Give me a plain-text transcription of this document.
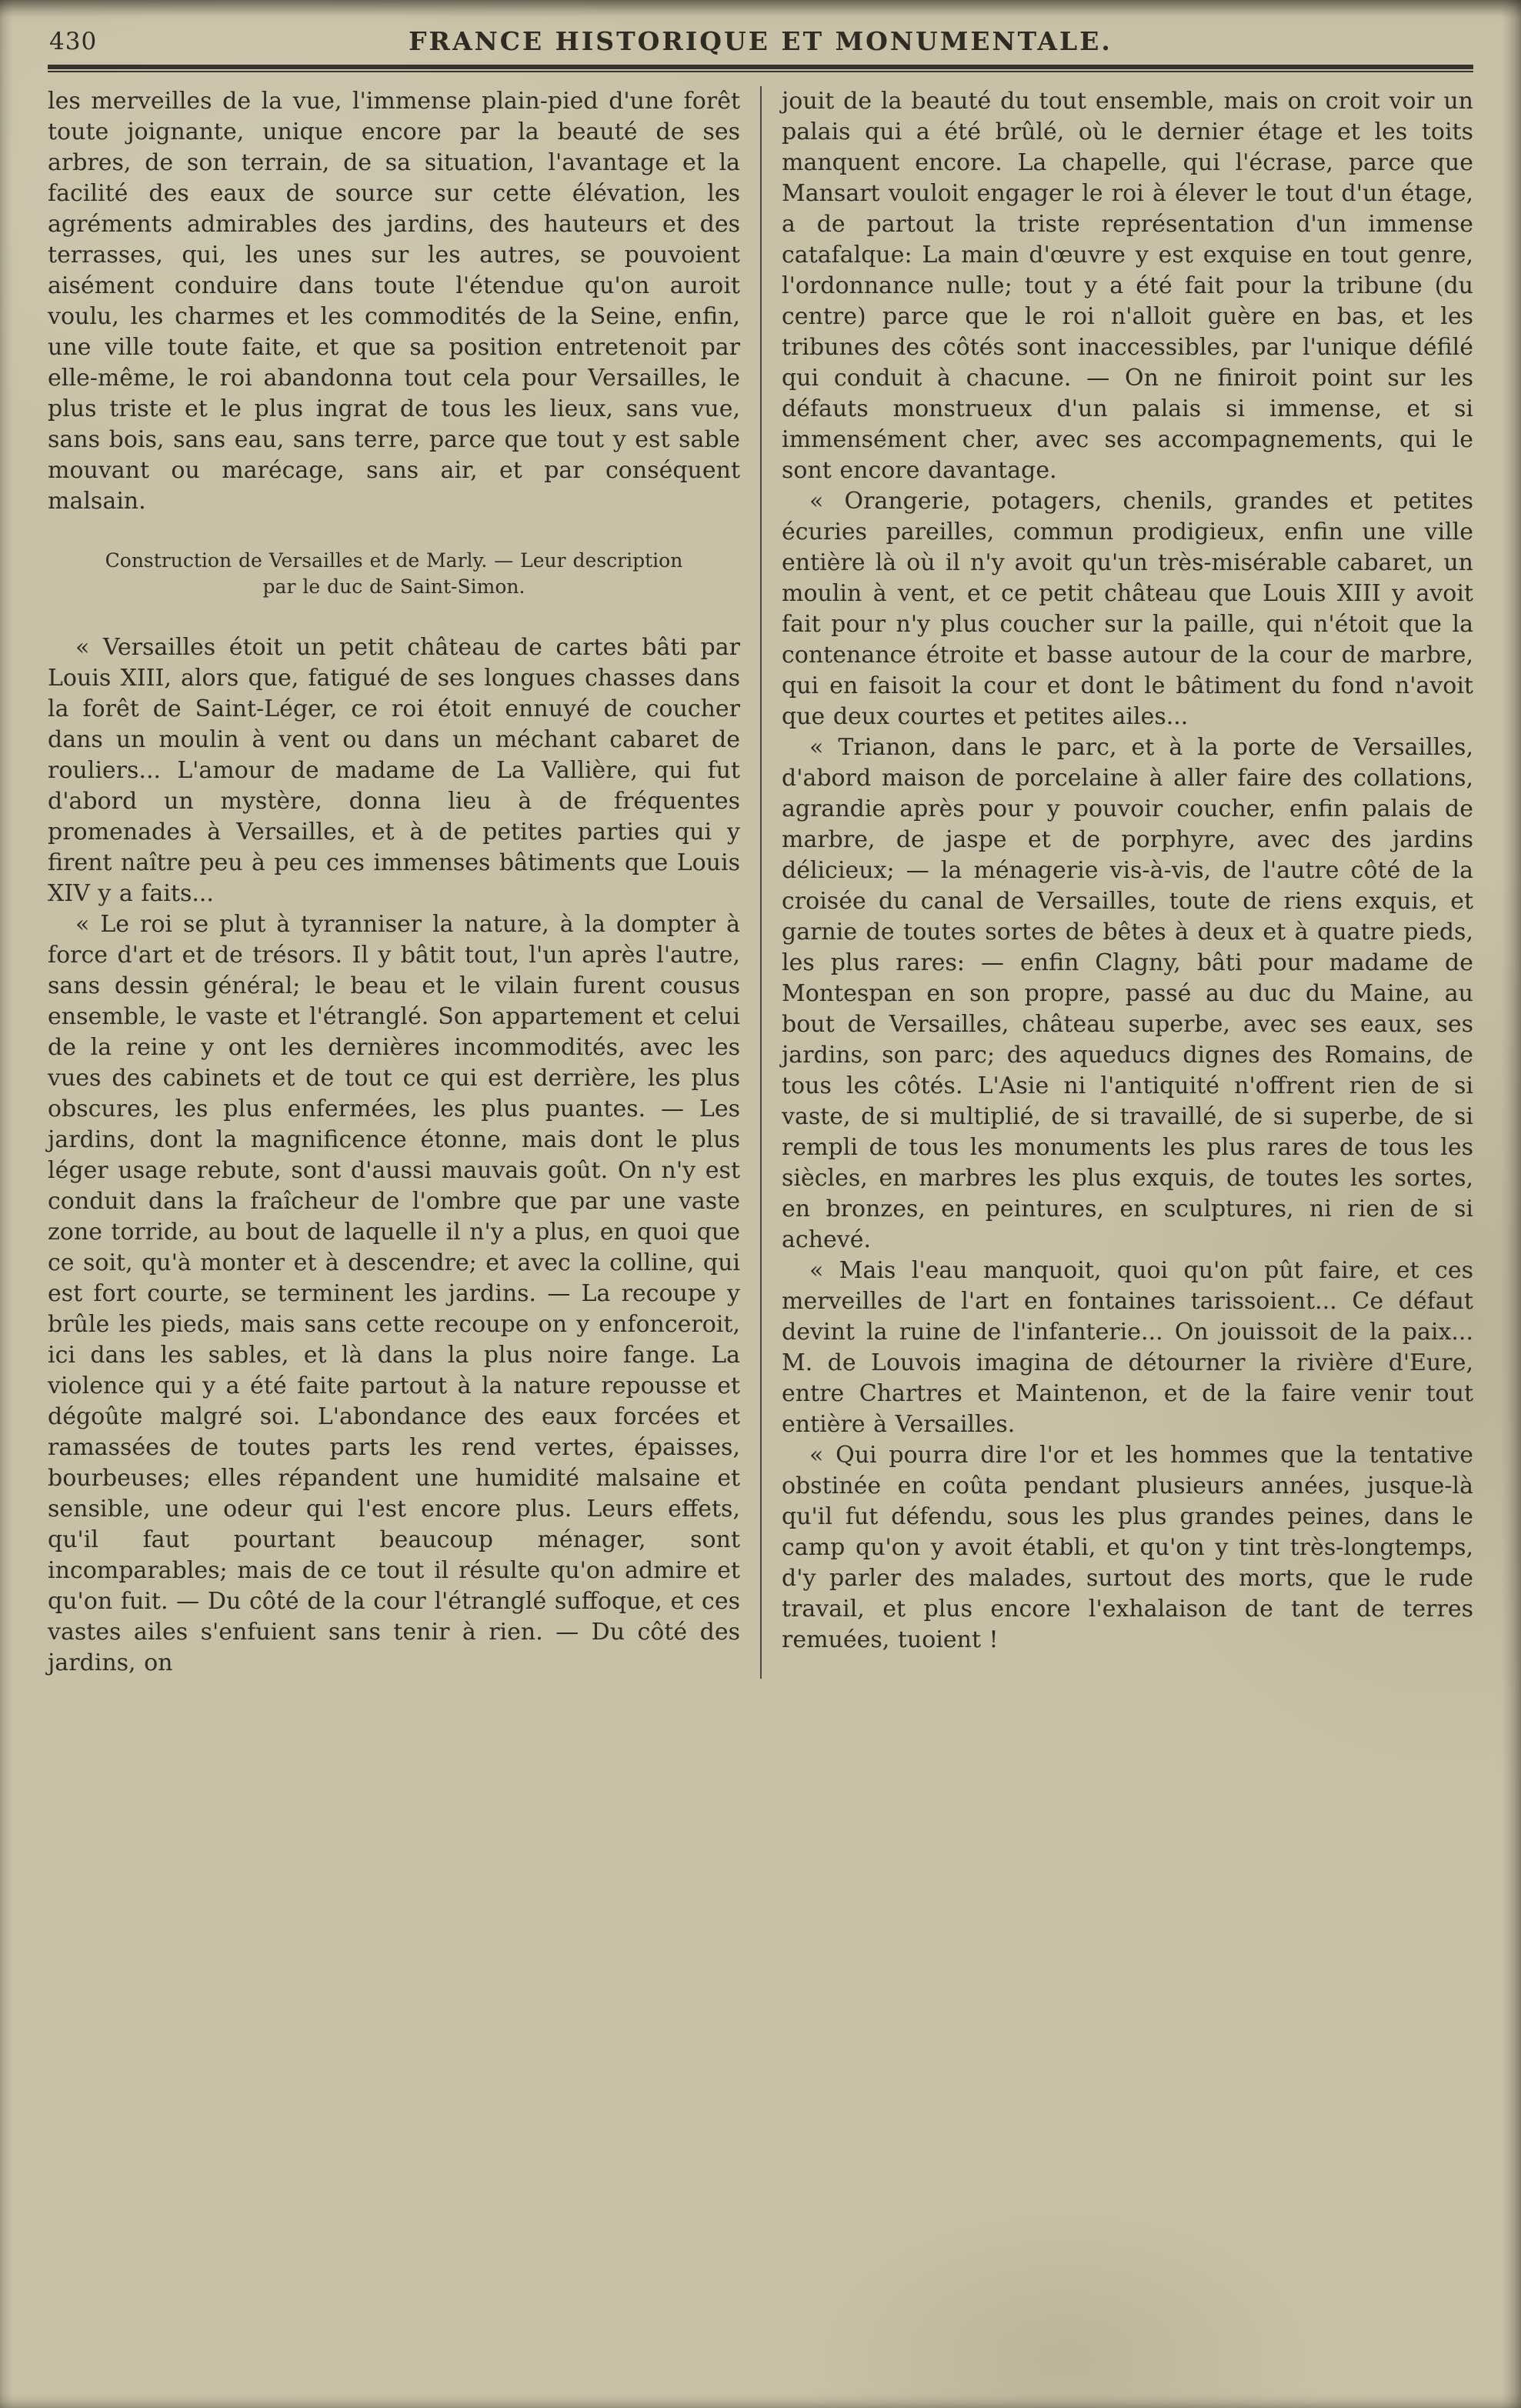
430	FRANCE HISTORIQUE ET MONUMENTALE.

les merveilles de la vue, l'immense plain-pied d'une forêt toute joignante, unique encore par la beauté de ses arbres, de son terrain, de sa situation, l'avantage et la facilité des eaux de source sur cette élévation, les agréments admirables des jardins, des hauteurs et des terrasses, qui, les unes sur les autres, se pouvoient aisément conduire dans toute l'étendue qu'on auroit voulu, les charmes et les commodités de la Seine, enfin, une ville toute faite, et que sa position entretenoit par elle-même, le roi abandonna tout cela pour Versailles, le plus triste et le plus ingrat de tous les lieux, sans vue, sans bois, sans eau, sans terre, parce que tout y est sable mouvant ou marécage, sans air, et par conséquent malsain.

Construction de Versailles et de Marly. — Leur description par le duc de Saint-Simon.

« Versailles étoit un petit château de cartes bâti par Louis XIII, alors que, fatigué de ses longues chasses dans la forêt de Saint-Léger, ce roi étoit ennuyé de coucher dans un moulin à vent ou dans un méchant cabaret de rouliers... L'amour de madame de La Vallière, qui fut d'abord un mystère, donna lieu à de fréquentes promenades à Versailles, et à de petites parties qui y firent naître peu à peu ces immenses bâtiments que Louis XIV y a faits...

« Le roi se plut à tyranniser la nature, à la dompter à force d'art et de trésors. Il y bâtit tout, l'un après l'autre, sans dessin général; le beau et le vilain furent cousus ensemble, le vaste et l'étranglé. Son appartement et celui de la reine y ont les dernières incommodités, avec les vues des cabinets et de tout ce qui est derrière, les plus obscures, les plus enfermées, les plus puantes. — Les jardins, dont la magnificence étonne, mais dont le plus léger usage rebute, sont d'aussi mauvais goût. On n'y est conduit dans la fraîcheur de l'ombre que par une vaste zone torride, au bout de laquelle il n'y a plus, en quoi que ce soit, qu'à monter et à descendre; et avec la colline, qui est fort courte, se terminent les jardins. — La recoupe y brûle les pieds, mais sans cette recoupe on y enfonceroit, ici dans les sables, et là dans la plus noire fange. La violence qui y a été faite partout à la nature repousse et dégoûte malgré soi. L'abondance des eaux forcées et ramassées de toutes parts les rend vertes, épaisses, bourbeuses; elles répandent une humidité malsaine et sensible, une odeur qui l'est encore plus. Leurs effets, qu'il faut pourtant beaucoup ménager, sont incomparables; mais de ce tout il résulte qu'on admire et qu'on fuit. — Du côté de la cour l'étranglé suffoque, et ces vastes ailes s'enfuient sans tenir à rien. — Du côté des jardins, on

jouit de la beauté du tout ensemble, mais on croit voir un palais qui a été brûlé, où le dernier étage et les toits manquent encore. La chapelle, qui l'écrase, parce que Mansart vouloit engager le roi à élever le tout d'un étage, a de partout la triste représentation d'un immense catafalque: La main d'œuvre y est exquise en tout genre, l'ordonnance nulle; tout y a été fait pour la tribune (du centre) parce que le roi n'alloit guère en bas, et les tribunes des côtés sont inaccessibles, par l'unique défilé qui conduit à chacune. — On ne finiroit point sur les défauts monstrueux d'un palais si immense, et si immensément cher, avec ses accompagnements, qui le sont encore davantage.

« Orangerie, potagers, chenils, grandes et petites écuries pareilles, commun prodigieux, enfin une ville entière là où il n'y avoit qu'un très-misérable cabaret, un moulin à vent, et ce petit château que Louis XIII y avoit fait pour n'y plus coucher sur la paille, qui n'étoit que la contenance étroite et basse autour de la cour de marbre, qui en faisoit la cour et dont le bâtiment du fond n'avoit que deux courtes et petites ailes...

« Trianon, dans le parc, et à la porte de Versailles, d'abord maison de porcelaine à aller faire des collations, agrandie après pour y pouvoir coucher, enfin palais de marbre, de jaspe et de porphyre, avec des jardins délicieux; — la ménagerie vis-à-vis, de l'autre côté de la croisée du canal de Versailles, toute de riens exquis, et garnie de toutes sortes de bêtes à deux et à quatre pieds, les plus rares: — enfin Clagny, bâti pour madame de Montespan en son propre, passé au duc du Maine, au bout de Versailles, château superbe, avec ses eaux, ses jardins, son parc; des aqueducs dignes des Romains, de tous les côtés. L'Asie ni l'antiquité n'offrent rien de si vaste, de si multiplié, de si travaillé, de si superbe, de si rempli de tous les monuments les plus rares de tous les siècles, en marbres les plus exquis, de toutes les sortes, en bronzes, en peintures, en sculptures, ni rien de si achevé.

« Mais l'eau manquoit, quoi qu'on pût faire, et ces merveilles de l'art en fontaines tarissoient... Ce défaut devint la ruine de l'infanterie... On jouissoit de la paix... M. de Louvois imagina de détourner la rivière d'Eure, entre Chartres et Maintenon, et de la faire venir tout entière à Versailles.

« Qui pourra dire l'or et les hommes que la tentative obstinée en coûta pendant plusieurs années, jusque-là qu'il fut défendu, sous les plus grandes peines, dans le camp qu'on y avoit établi, et qu'on y tint très-longtemps, d'y parler des malades, surtout des morts, que le rude travail, et plus encore l'exhalaison de tant de terres remuées, tuoient !
